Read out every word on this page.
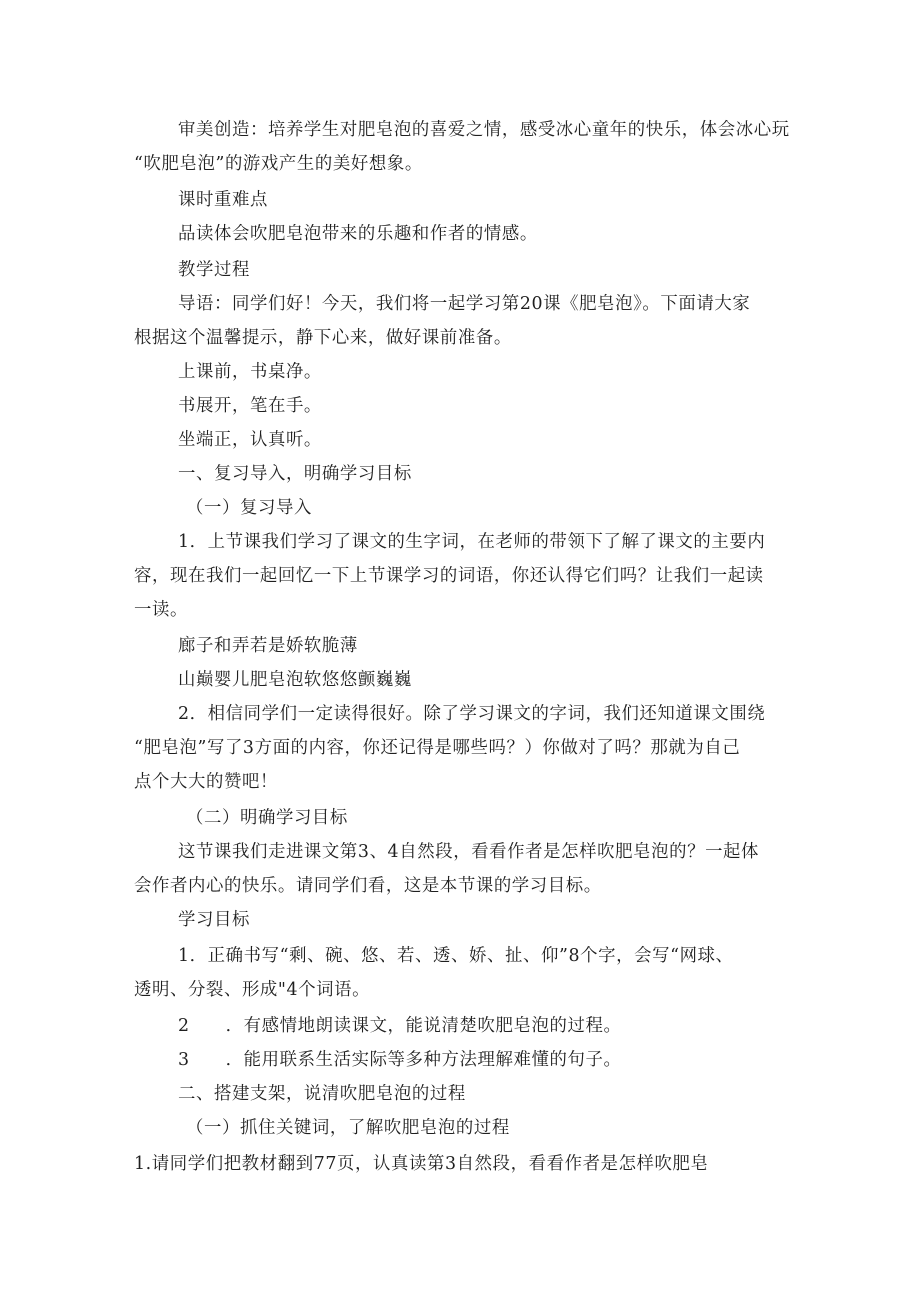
审美创造：培养学生对肥皂泡的喜爱之情，感受冰心童年的快乐，体会冰心玩
“吹肥皂泡”的游戏产生的美好想象。
课时重难点
品读体会吹肥皂泡带来的乐趣和作者的情感。
教学过程
导语：同学们好！今天，我们将一起学习第20课《肥皂泡》。下面请大家
根据这个温馨提示，静下心来，做好课前准备。
上课前，书桌净。
书展开，笔在手。
坐端正，认真听。
一、复习导入，明确学习目标
（一）复习导入
1．上节课我们学习了课文的生字词，在老师的带领下了解了课文的主要内
容，现在我们一起回忆一下上节课学习的词语，你还认得它们吗？让我们一起读
一读。
廊子和弄若是娇软脆薄
山巅婴儿肥皂泡软悠悠颤巍巍
2．相信同学们一定读得很好。除了学习课文的字词，我们还知道课文围绕
“肥皂泡”写了3方面的内容，你还记得是哪些吗？）你做对了吗？那就为自己
点个大大的赞吧！
（二）明确学习目标
这节课我们走进课文第3、4自然段，看看作者是怎样吹肥皂泡的？一起体
会作者内心的快乐。请同学们看，这是本节课的学习目标。
学习目标
1．正确书写“剩、碗、悠、若、透、娇、扯、仰”8个字，会写“网球、
透明、分裂、形成"4个词语。
2　　．有感情地朗读课文，能说清楚吹肥皂泡的过程。
3　　．能用联系生活实际等多种方法理解难懂的句子。
二、搭建支架，说清吹肥皂泡的过程
（一）抓住关键词，了解吹肥皂泡的过程
1.请同学们把教材翻到77页，认真读第3自然段，看看作者是怎样吹肥皂
